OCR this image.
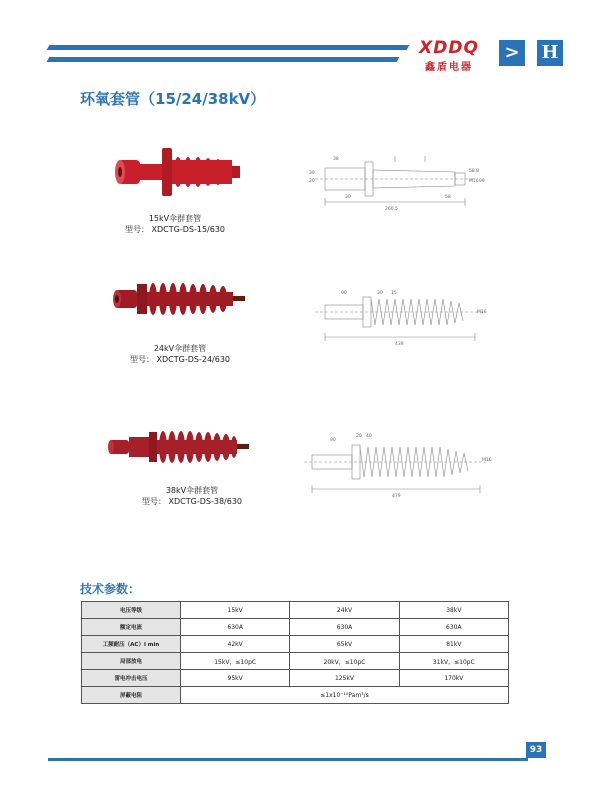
XDDQ
鑫盾电器
>	H
环氧套管（15/24/38kV）
15kV伞群套管
型号： XDCTG-DS-15/630
39
20
58.8
M16 99
30	58
260.5
38
24kV伞群套管
型号： XDCTG-DS-24/630
90	30 15
M16
439
38kV伞群套管
型号： XDCTG-DS-38/630
90
20 40
M16
479
技术参数：
电压等级	15kV	24kV	38kV
额定电流	630A	630A	630A
工频耐压（AC）l min	42kV	65kV	81kV
局部放电	15kV，≤10pC	20kV，≤10pC	31kV，≤10pC
雷电冲击电压	95kV	125kV	170kV
屏蔽电阻	≤1x10⁻¹⁰Pam³/s		
93
